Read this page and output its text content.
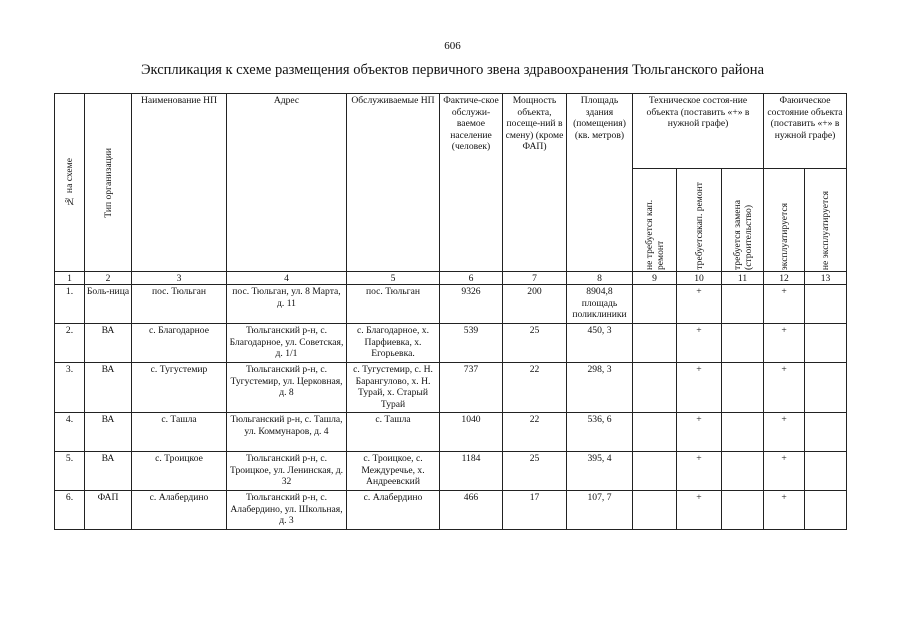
606
Экспликация к схеме размещения объектов первичного звена здравоохранения Тюльганского района
№ на схеме	Тип организации	Наименование НП	Адрес	Обслуживаемые НП	Фактиче-ское обслужи-ваемое население (человек)	Мощность объекта, посеще-ний в смену) (кроме ФАП)	Площадь здания (помещения) (кв. метров)	Техническое состоя-ние объекта (поставить «+» в нужной графе)			Фаюическое состояние объекта (поставить «+» в нужной графе)	

								не требуется кап. ремонт	требуетсякап. ремонт	требуется замена (строительство)	эксплуатируется	не эксплуатируется

1	2	3	4	5	6	7	8	9	10	11	12	13
1.	Боль-ница	пос. Тюльган	пос. Тюльган, ул. 8 Марта, д. 11	пос. Тюльган	9326	200	8904,8 площадь поликлиники		+		+	
2.	ВА	с. Благодарное	Тюльганский р-н, с. Благодарное, ул. Советская, д. 1/1	с. Благодарное, х. Парфиевка, х. Егорьевка.	539	25	450, 3		+		+	
3.	ВА	с. Тугустемир	Тюльганский р-н, с. Тугустемир, ул. Церковная, д. 8	с. Тугустемир, с. Н. Барангулово, х. Н. Турай, х. Старый Турай	737	22	298, 3		+		+	
4.	ВА	с. Ташла	Тюльганский р-н, с. Ташла, ул. Коммунаров, д. 4	с. Ташла	1040	22	536, 6		+		+	
5.	ВА	с. Троицкое	Тюльганский р-н, с. Троицкое, ул. Ленинская, д. 32	с. Троицкое, с. Междуречье, х. Андреевский	1184	25	395, 4		+		+	
6.	ФАП	с. Алабердино	Тюльганский р-н, с. Алабердино, ул. Школьная, д. 3	с. Алабердино	466	17	107, 7		+		+	
